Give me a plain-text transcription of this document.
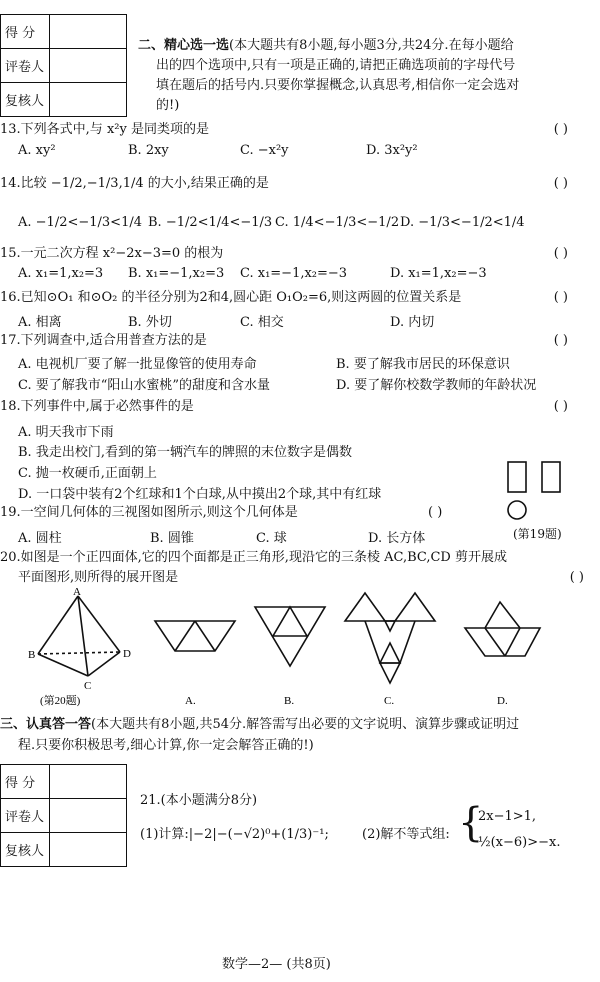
得 分	
评卷人	
复核人	
二、精心选一选(本大题共有8小题,每小题3分,共24分.在每小题给
出的四个选项中,只有一项是正确的,请把正确选项前的字母代号
填在题后的括号内.只要你掌握概念,认真思考,相信你一定会选对
的!)
13.下列各式中,与 x²y 是同类项的是	( )
A. xy²	B. 2xy	C. −x²y	D. 3x²y²
14.比较 −1/2,−1/3,1/4 的大小,结果正确的是	( )
A. −1/2<−1/3<1/4 B. −1/2<1/4<−1/3 C. 1/4<−1/3<−1/2 D. −1/3<−1/2<1/4
15.一元二次方程 x²−2x−3=0 的根为	( )
A. x₁=1,x₂=3 B. x₁=−1,x₂=3 C. x₁=−1,x₂=−3	D. x₁=1,x₂=−3
16.已知⊙O₁ 和⊙O₂ 的半径分别为2和4,圆心距 O₁O₂=6,则这两圆的位置关系是	( )
A. 相离	B. 外切	C. 相交	D. 内切
17.下列调查中,适合用普查方法的是	( )
A. 电视机厂要了解一批显像管的使用寿命	B. 要了解我市居民的环保意识
C. 要了解我市“阳山水蜜桃”的甜度和含水量	D. 要了解你校数学教师的年龄状况
18.下列事件中,属于必然事件的是	( )
A. 明天我市下雨
B. 我走出校门,看到的第一辆汽车的牌照的末位数字是偶数
C. 抛一枚硬币,正面朝上
D. 一口袋中装有2个红球和1个白球,从中摸出2个球,其中有红球
19.一空间几何体的三视图如图所示,则这个几何体是	( )
(第19题)
A. 圆柱	B. 圆锥	C. 球	D. 长方体
20.如图是一个正四面体,它的四个面都是正三角形,现沿它的三条棱 AC,BC,CD 剪开展成
平面图形,则所得的展开图是	( )
A
B
C
D
(第20题)	A.	B.	C.	D.
三、认真答一答(本大题共有8小题,共54分.解答需写出必要的文字说明、演算步骤或证明过
程.只要你积极思考,细心计算,你一定会解答正确的!)
得 分	
评卷人	
复核人	
21.(本小题满分8分)
(1)计算:|−2|−(−√2)⁰+(1/3)⁻¹;	(2)解不等式组: {
2x−1>1,
½(x−6)>−x.
数学—2— (共8页)
